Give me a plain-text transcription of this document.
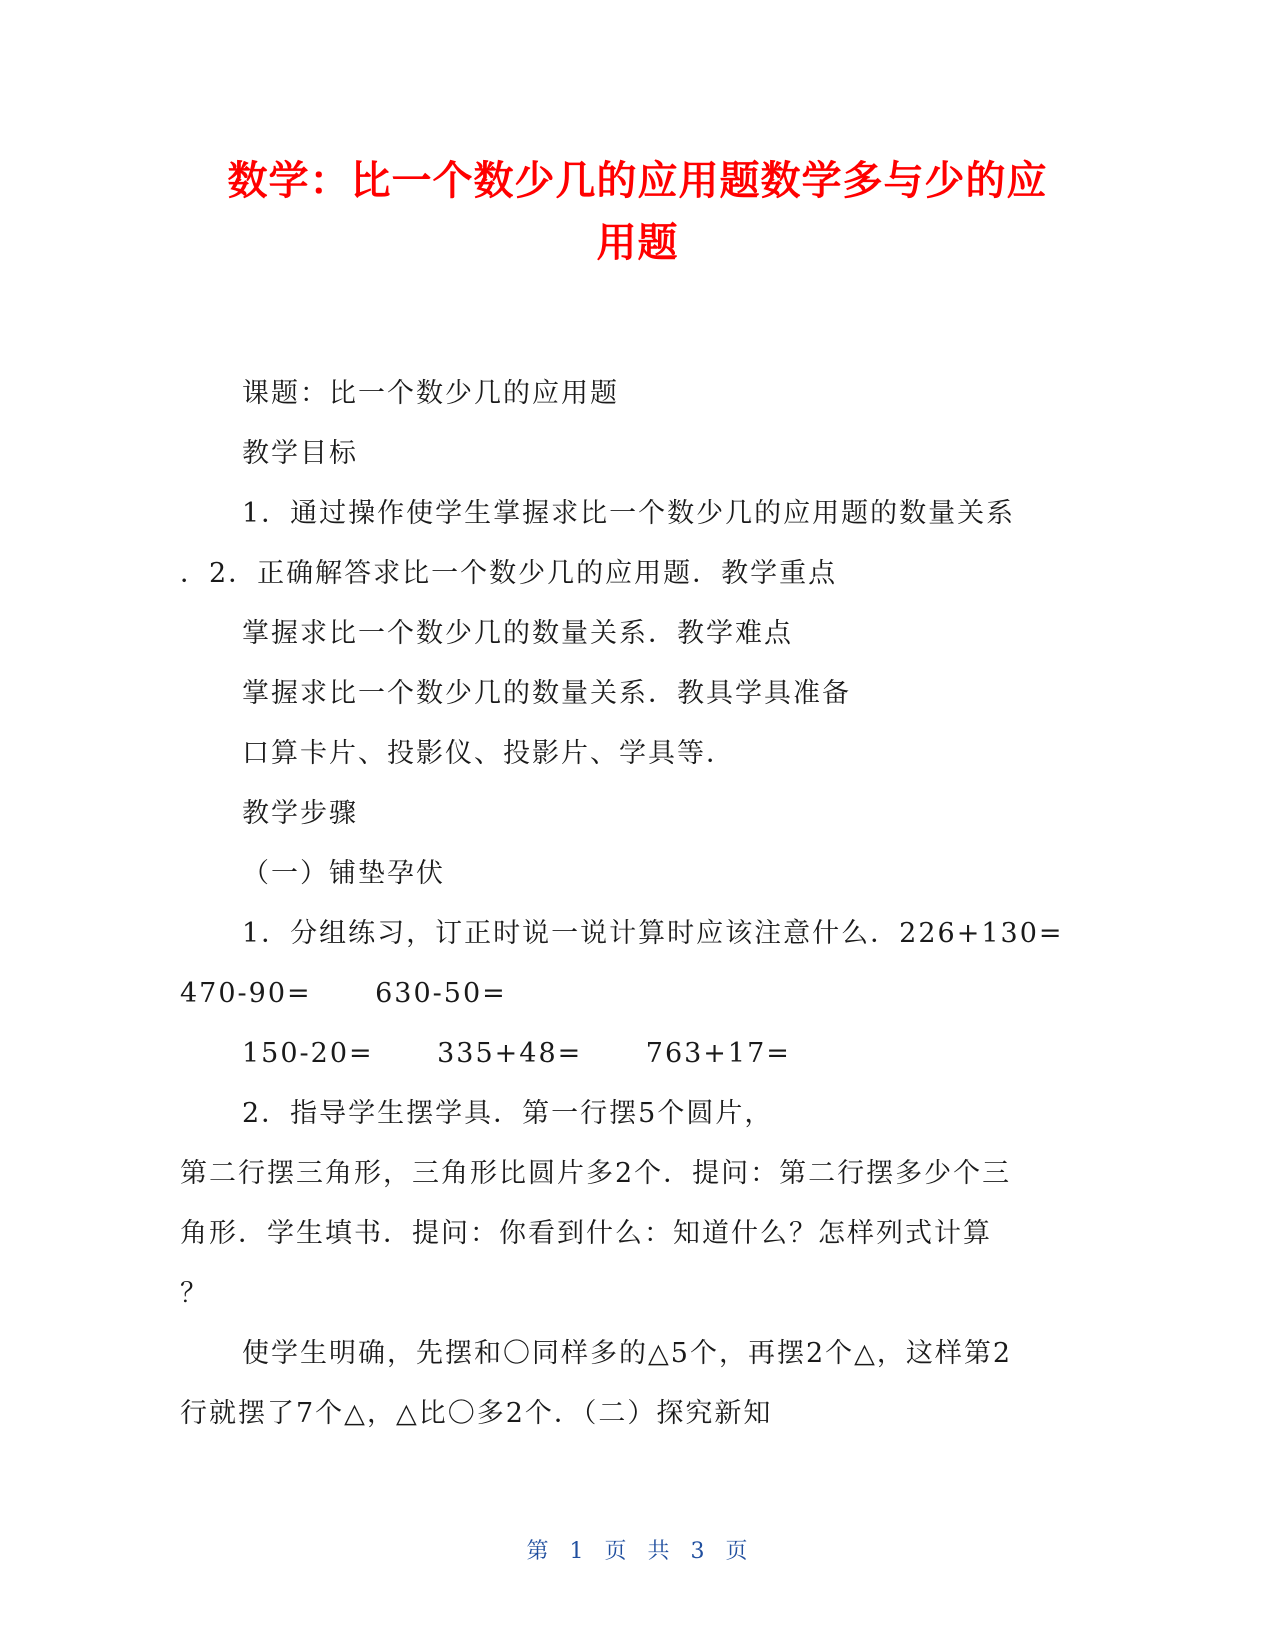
数学：比一个数少几的应用题数学多与少的应
用题
课题：比一个数少几的应用题
教学目标
1．通过操作使学生掌握求比一个数少几的应用题的数量关系
．2．正确解答求比一个数少几的应用题．教学重点
掌握求比一个数少几的数量关系．教学难点
掌握求比一个数少几的数量关系．教具学具准备
口算卡片、投影仪、投影片、学具等．
教学步骤
（一）铺垫孕伏
1．分组练习，订正时说一说计算时应该注意什么．226+130=
470-90=      630-50=
150-20=      335+48=      763+17=
2．指导学生摆学具．第一行摆5个圆片，
第二行摆三角形，三角形比圆片多2个．提问：第二行摆多少个三
角形．学生填书．提问：你看到什么：知道什么？怎样列式计算
？
使学生明确，先摆和〇同样多的△5个，再摆2个△，这样第2
行就摆了7个△，△比〇多2个．（二）探究新知
第 1 页 共 3 页
